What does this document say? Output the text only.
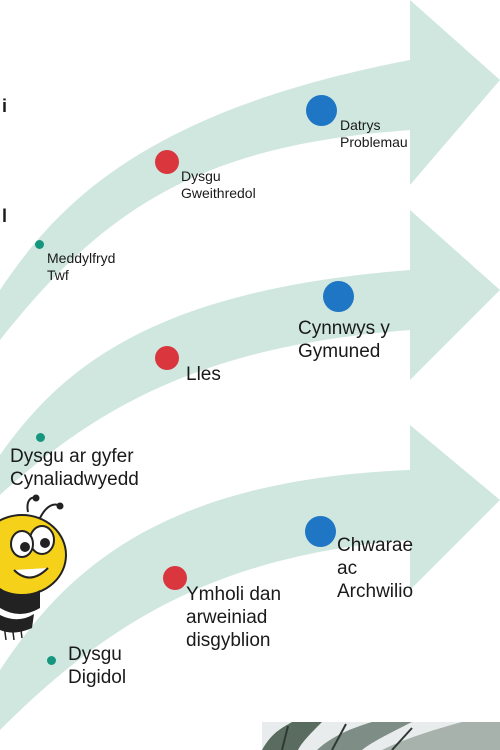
i
l
Meddylfryd
Twf
Dysgu
Gweithredol
Datrys
Problemau
Cynnwys y
Gymuned
Lles
Dysgu ar gyfer
Cynaliadwyedd
Chwarae
ac
Archwilio
Ymholi dan
arweiniad
disgyblion
Dysgu
Digidol
